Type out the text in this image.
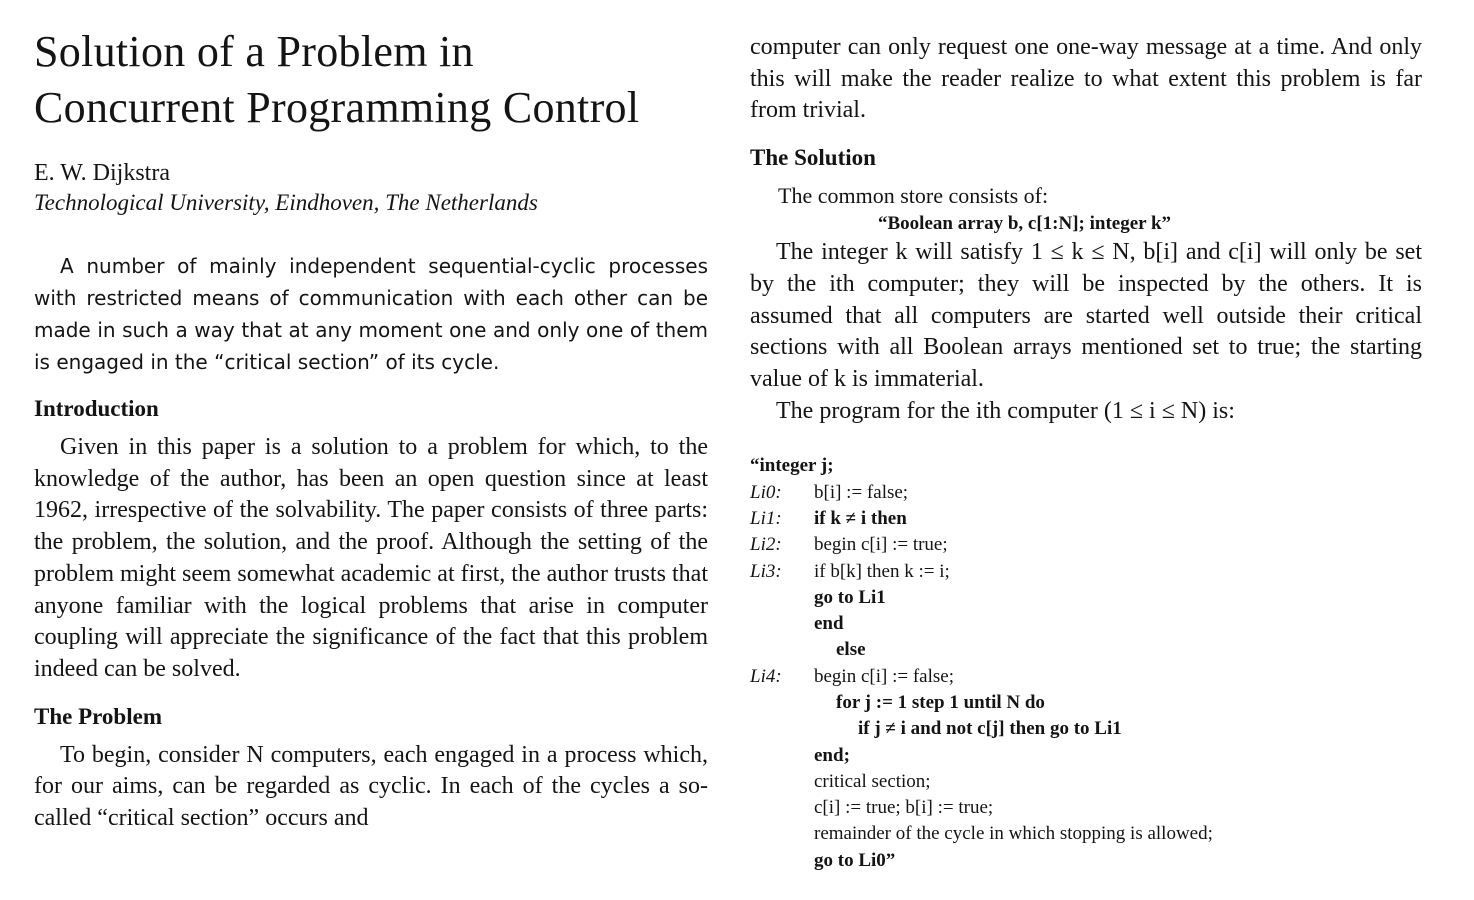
Solution of a Problem in
Concurrent Programming Control

E. W. Dijkstra

Technological University, Eindhoven, The Netherlands

A number of mainly independent sequential-cyclic processes with restricted means of communication with each other can be made in such a way that at any moment one and only one of them is engaged in the “critical section” of its cycle.

Introduction

Given in this paper is a solution to a problem for which, to the knowledge of the author, has been an open question since at least 1962, irrespective of the solvability. The paper consists of three parts: the problem, the solution, and the proof. Although the setting of the problem might seem somewhat academic at first, the author trusts that anyone familiar with the logical problems that arise in computer coupling will appreciate the significance of the fact that this problem indeed can be solved.

The Problem

To begin, consider N computers, each engaged in a process which, for our aims, can be regarded as cyclic. In each of the cycles a so-called “critical section” occurs and

computer can only request one one-way message at a time. And only this will make the reader realize to what extent this problem is far from trivial.

The Solution

The common store consists of:

“Boolean array b, c[1:N]; integer k”

The integer k will satisfy 1 ≤ k ≤ N, b[i] and c[i] will only be set by the ith computer; they will be inspected by the others. It is assumed that all computers are started well outside their critical sections with all Boolean arrays mentioned set to true; the starting value of k is immaterial.

The program for the ith computer (1 ≤ i ≤ N) is:

“integer j;
Li0: b[i] := false;
Li1: if k ≠ i then
Li2: begin c[i] := true;
Li3: if b[k] then k := i;
go to Li1
end
else
Li4: begin c[i] := false;
for j := 1 step 1 until N do
if j ≠ i and not c[j] then go to Li1
end;
critical section;
c[i] := true; b[i] := true;
remainder of the cycle in which stopping is allowed;
go to Li0”
